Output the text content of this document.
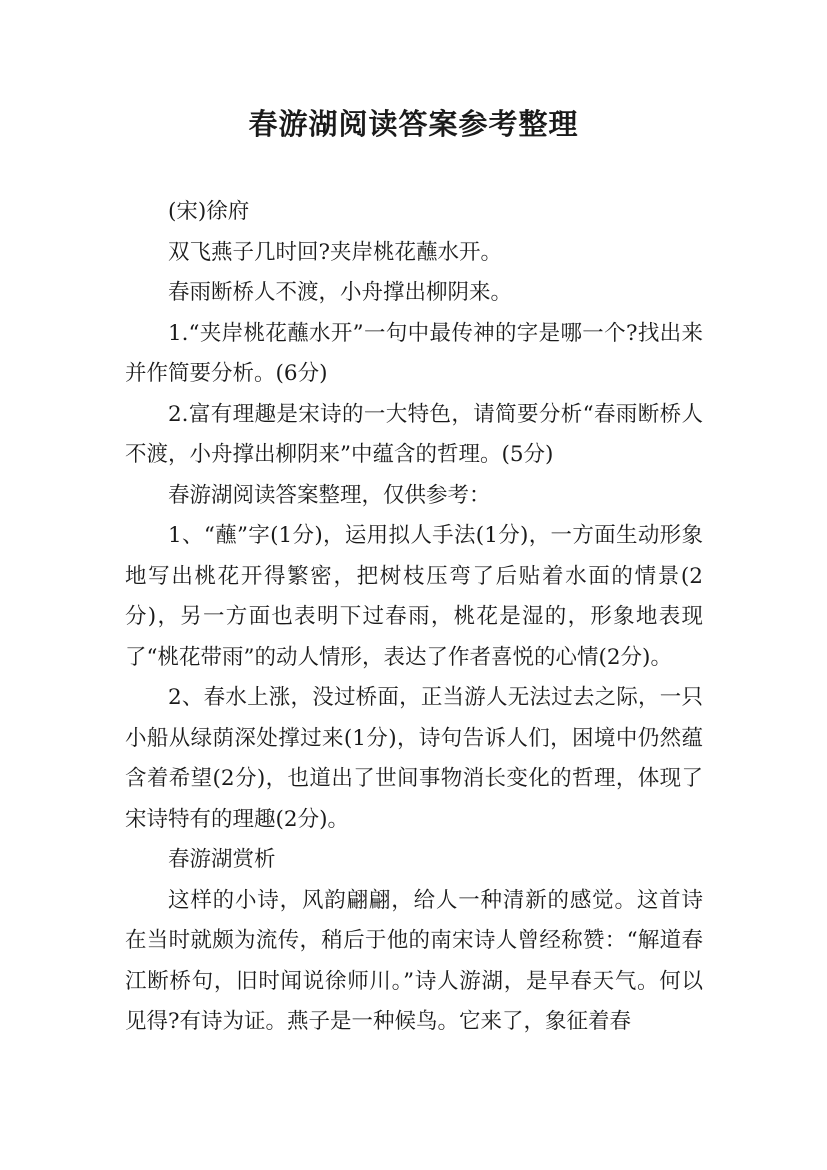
春游湖阅读答案参考整理

(宋)徐府

双飞燕子几时回?夹岸桃花蘸水开。

春雨断桥人不渡，小舟撑出柳阴来。

1.“夹岸桃花蘸水开”一句中最传神的字是哪一个?找出来并作简要分析。(6分)

2.富有理趣是宋诗的一大特色，请简要分析“春雨断桥人不渡，小舟撑出柳阴来”中蕴含的哲理。(5分)

春游湖阅读答案整理，仅供参考：

1、“蘸”字(1分)，运用拟人手法(1分)，一方面生动形象地写出桃花开得繁密，把树枝压弯了后贴着水面的情景(2分)，另一方面也表明下过春雨，桃花是湿的，形象地表现了“桃花带雨”的动人情形，表达了作者喜悦的心情(2分)。

2、春水上涨，没过桥面，正当游人无法过去之际，一只小船从绿荫深处撑过来(1分)，诗句告诉人们，困境中仍然蕴含着希望(2分)，也道出了世间事物消长变化的哲理，体现了宋诗特有的理趣(2分)。

春游湖赏析

这样的小诗，风韵翩翩，给人一种清新的感觉。这首诗在当时就颇为流传，稍后于他的南宋诗人曾经称赞：“解道春江断桥句，旧时闻说徐师川。”诗人游湖，是早春天气。何以见得?有诗为证。燕子是一种候鸟。它来了，象征着春
